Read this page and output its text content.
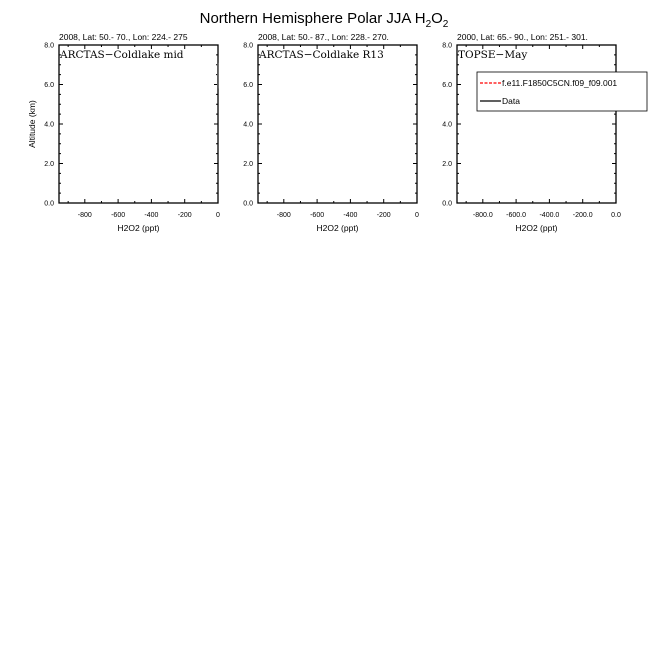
Northern Hemisphere Polar JJA $H_2O_2$
2008, Lat: 50.- 70., Lon: 224.- 275
ARCTAS−Coldlake mid
-800	-600	-400	-200	0
0.0
2.0
4.0
6.0
8.0
H2O2 (ppt)
Altitude (km)
2008, Lat: 50.- 87., Lon: 228.- 270.
ARCTAS−Coldlake R13
-800	-600	-400	-200	0
0.0
2.0
4.0
6.0
8.0
H2O2 (ppt)
2000, Lat: 65.- 90., Lon: 251.- 301.
TOPSE−May
-800.0 -600.0 -400.0 -200.0	0.0
0.0
2.0
4.0
6.0
8.0
H2O2 (ppt)
f.e11.F1850C5CN.f09_f09.001
Data
